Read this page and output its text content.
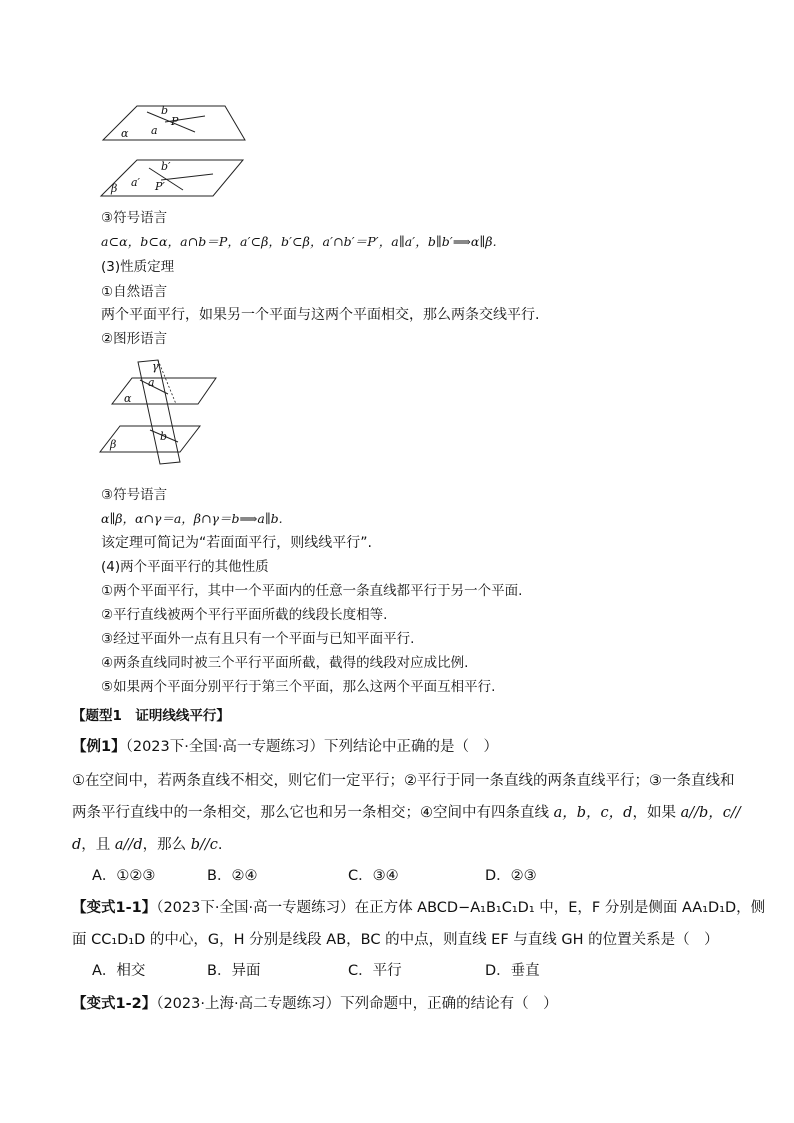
b
a
P
α
b′
a′ P′
β
③符号语言
a⊂α，b⊂α，a∩b＝P，a′⊂β，b′⊂β，a′∩b′＝P′，a∥a′，b∥b′⟹α∥β.
(3)性质定理
①自然语言
两个平面平行，如果另一个平面与这两个平面相交，那么两条交线平行.
②图形语言
γ
a
α
b
β
③符号语言
α∥β，α∩γ＝a，β∩γ＝b⟹a∥b.
该定理可简记为“若面面平行，则线线平行”.
(4)两个平面平行的其他性质
①两个平面平行，其中一个平面内的任意一条直线都平行于另一个平面.
②平行直线被两个平行平面所截的线段长度相等.
③经过平面外一点有且只有一个平面与已知平面平行.
④两条直线同时被三个平行平面所截，截得的线段对应成比例.
⑤如果两个平面分别平行于第三个平面，那么这两个平面互相平行.
【题型1　证明线线平行】
【例1】（2023下·全国·高一专题练习）下列结论中正确的是（　）
①在空间中，若两条直线不相交，则它们一定平行；②平行于同一条直线的两条直线平行；③一条直线和
两条平行直线中的一条相交，那么它也和另一条相交；④空间中有四条直线 a，b，c，d，如果 a//b，c//
d，且 a//d，那么 b//c.
A．①②③	B．②④	C．③④	D．②③
【变式1-1】（2023下·全国·高一专题练习）在正方体 ABCD−A₁B₁C₁D₁ 中，E，F 分别是侧面 AA₁D₁D，侧
面 CC₁D₁D 的中心，G，H 分别是线段 AB，BC 的中点，则直线 EF 与直线 GH 的位置关系是（　）
A．相交	B．异面	C．平行	D．垂直
【变式1-2】（2023·上海·高二专题练习）下列命题中，正确的结论有（　）
